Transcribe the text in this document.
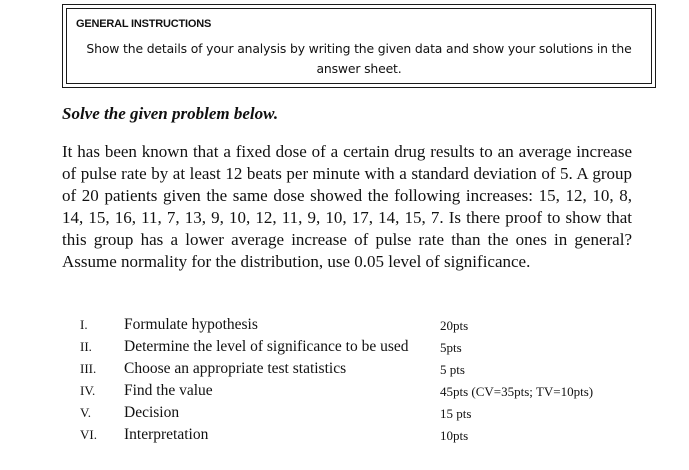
GENERAL INSTRUCTIONS
Show the details of your analysis by writing the given data and show your solutions in the answer sheet.
Solve the given problem below.
It has been known that a fixed dose of a certain drug results to an average increase of pulse rate by at least 12 beats per minute with a standard deviation of 5. A group of 20 patients given the same dose showed the following increases: 15, 12, 10, 8, 14, 15, 16, 11, 7, 13, 9, 10, 12, 11, 9, 10, 17, 14, 15, 7. Is there proof to show that this group has a lower average increase of pulse rate than the ones in general? Assume normality for the distribution, use 0.05 level of significance.
I. Formulate hypothesis	20pts
II. Determine the level of significance to be used 5pts
III. Choose an appropriate test statistics	5 pts
IV. Find the value	45pts (CV=35pts; TV=10pts)
V. Decision	15 pts
VI. Interpretation	10pts
